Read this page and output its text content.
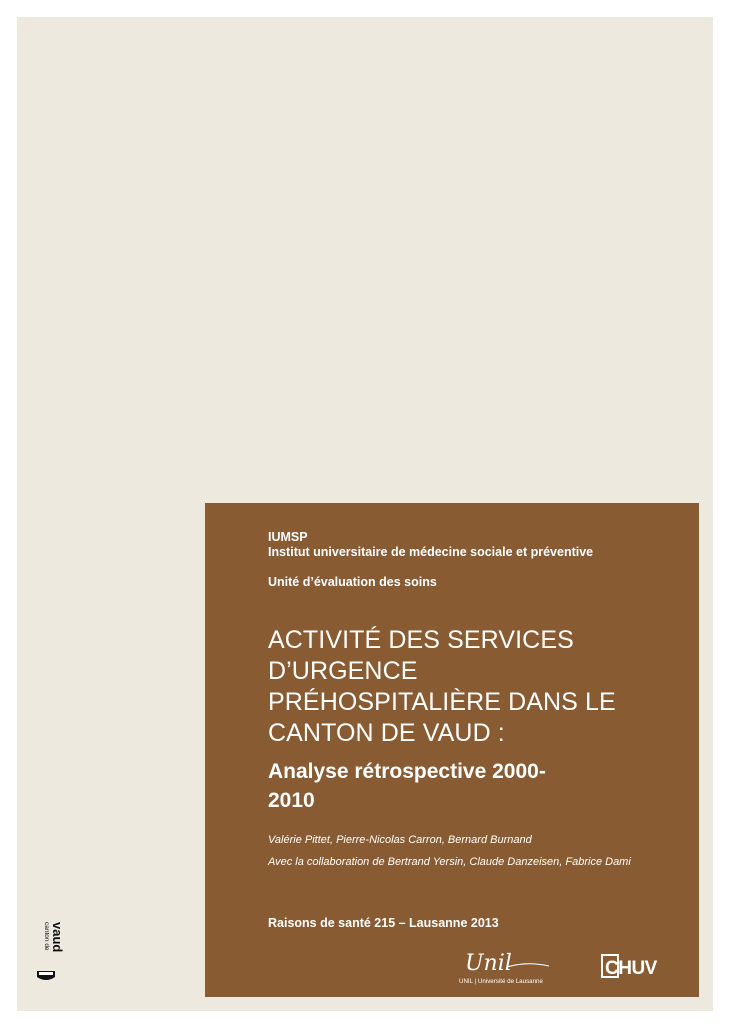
IUMSP
Institut universitaire de médecine sociale et préventive
Unité d’évaluation des soins
ACTIVITÉ DES SERVICES
D’URGENCE
PRÉHOSPITALIÈRE DANS LE
CANTON DE VAUD :
Analyse rétrospective 2000-
2010
Valérie Pittet, Pierre-Nicolas Carron, Bernard Burnand
Avec la collaboration de Bertrand Yersin, Claude Danzeisen, Fabrice Dami
Raisons de santé 215 – Lausanne 2013
Unil
UNIL | Université de Lausanne
CHUV
canton de vaud
